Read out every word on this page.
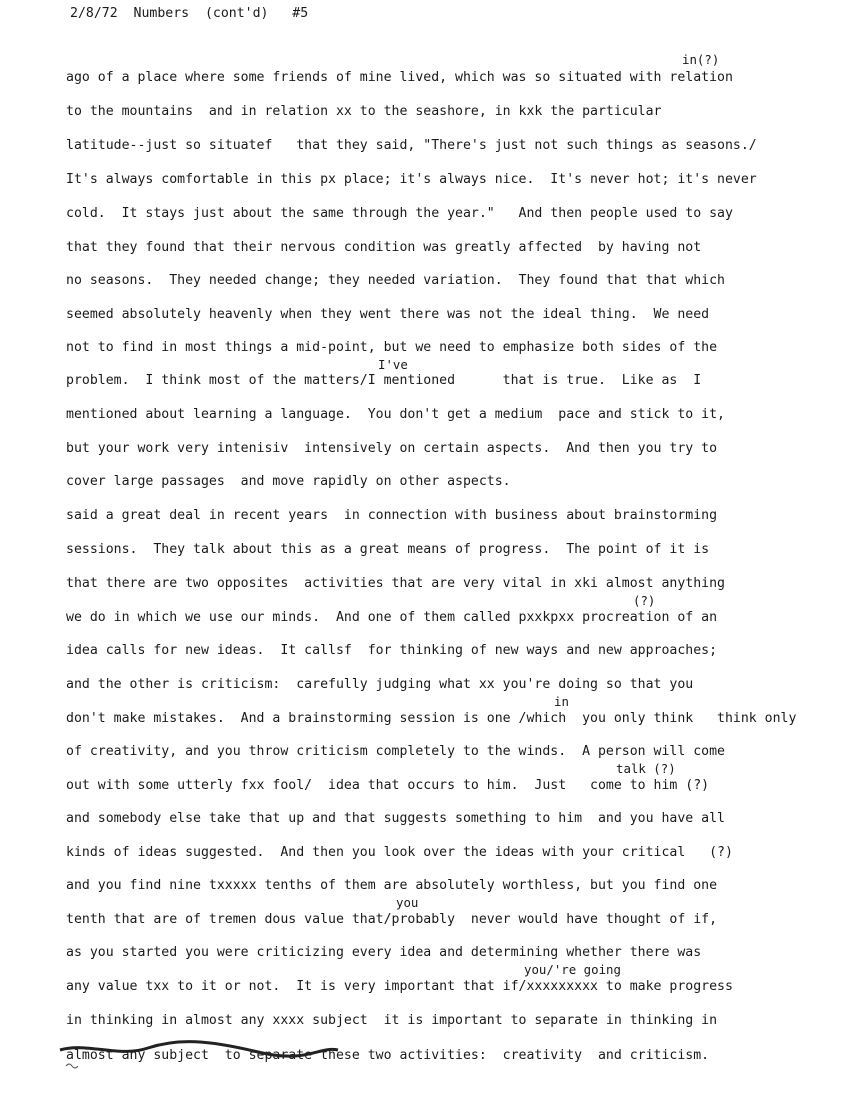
2/8/72  Numbers  (cont'd)   #5
in(?)
ago of a place where some friends of mine lived, which was so situated with relation
to the mountains  and in relation xx to the seashore, in kxk the particular
latitude--just so situatef   that they said, "There's just not such things as seasons./
It's always comfortable in this px place; it's always nice.  It's never hot; it's never
cold.  It stays just about the same through the year."   And then people used to say
that they found that their nervous condition was greatly affected  by having not
no seasons.  They needed change; they needed variation.  They found that that which
seemed absolutely heavenly when they went there was not the ideal thing.  We need
not to find in most things a mid-point, but we need to emphasize both sides of the
I've
problem.  I think most of the matters/I mentioned      that is true.  Like as  I
mentioned about learning a language.  You don't get a medium  pace and stick to it,
but your work very intenisiv  intensively on certain aspects.  And then you try to
cover large passages  and move rapidly on other aspects.
said a great deal in recent years  in connection with business about brainstorming
sessions.  They talk about this as a great means of progress.  The point of it is
that there are two opposites  activities that are very vital in xki almost anything
(?)
we do in which we use our minds.  And one of them called pxxkpxx procreation of an
idea calls for new ideas.  It callsf  for thinking of new ways and new approaches;
and the other is criticism:  carefully judging what xx you're doing so that you
in
don't make mistakes.  And a brainstorming session is one /which  you only think   think only
of creativity, and you throw criticism completely to the winds.  A person will come
talk (?)
out with some utterly fxx fool/  idea that occurs to him.  Just   come to him (?)
and somebody else take that up and that suggests something to him  and you have all
kinds of ideas suggested.  And then you look over the ideas with your critical   (?)
and you find nine txxxxx tenths of them are absolutely worthless, but you find one
you
tenth that are of tremen dous value that/probably  never would have thought of if,
as you started you were criticizing every idea and determining whether there was
you/'re going
any value txx to it or not.  It is very important that if/xxxxxxxxx to make progress
in thinking in almost any xxxx subject  it is important to separate in thinking in
almost any subject  to separate these two activities:  creativity  and criticism.
